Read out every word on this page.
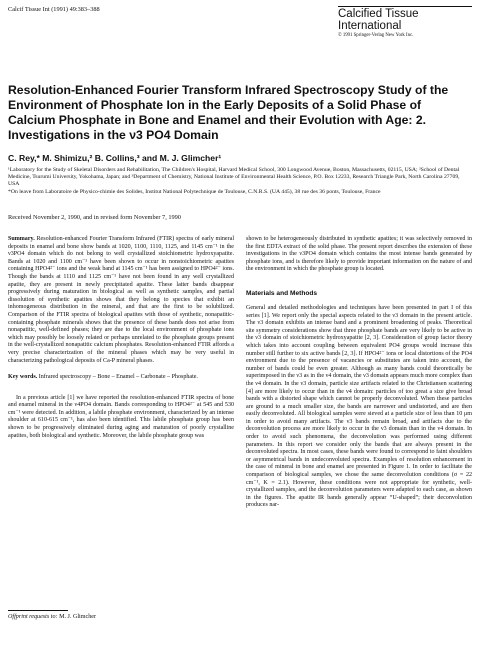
Calcif Tissue Int (1991) 49:383–388	Calcified Tissue
International
© 1991 Springer-Verlag New York Inc.
Resolution-Enhanced Fourier Transform Infrared Spectroscopy Study of the Environment of Phosphate Ion in the Early Deposits of a Solid Phase of Calcium Phosphate in Bone and Enamel and their Evolution with Age: 2. Investigations in the ν3 PO4 Domain
C. Rey,* M. Shimizu,² B. Collins,³ and M. J. Glimcher¹

¹Laboratory for the Study of Skeletal Disorders and Rehabilitation, The Children's Hospital, Harvard Medical School, 300 Longwood Avenue, Boston, Massachusetts, 02115, USA; ²School of Dental Medicine, Tsurumi University, Yokohama, Japan; and ³Department of Chemistry, National Institute of Environmental Health Science, P.O. Box 12233, Research Triangle Park, North Carolina 27709, USA

*On leave from Laboratoire de Physico-chimie des Solides, Institut National Polytechnique de Toulouse, C.N.R.S. (UA 445), 38 rue des 36 ponts, Toulouse, France

Received November 2, 1990, and in revised form November 7, 1990

Summary. Resolution-enhanced Fourier Transform Infrared (FTIR) spectra of early mineral deposits in enamel and bone show bands at 1020, 1100, 1110, 1125, and 1145 cm⁻¹ in the ν3PO4 domain which do not belong to well crystallized stoichiometric hydroxyapatite. Bands at 1020 and 1100 cm⁻¹ have been shown to occur in nonstoichiometric apatites containing HPO4²⁻ ions and the weak band at 1145 cm⁻¹ has been assigned to HPO4²⁻ ions. Though the bands at 1110 and 1125 cm⁻¹ have not been found in any well crystallized apatite, they are present in newly precipitated apatite. These latter bands disappear progressively during maturation in biological as well as synthetic samples, and partial dissolution of synthetic apatites shows that they belong to species that exhibit an inhomogeneous distribution in the mineral, and that are the first to be solubilized. Comparison of the FTIR spectra of biological apatites with those of synthetic, nonapatitic-containing phosphate minerals shows that the presence of these bands does not arise from nonapatitic, well-defined phases; they are due to the local environment of phosphate ions which may possibly be loosely related or perhaps unrelated to the phosphate groups present in the well-crystallized nonapatitic calcium phosphates. Resolution-enhanced FTIR affords a very precise characterization of the mineral phases which may be very useful in characterizing pathological deposits of Ca-P mineral phases.

Key words. Infrared spectroscopy – Bone – Enamel – Carbonate – Phosphate.

In a previous article [1] we have reported the resolution-enhanced FTIR spectra of bone and enamel mineral in the ν4PO4 domain. Bands corresponding to HPO4²⁻ at 545 and 530 cm⁻¹ were detected. In addition, a labile phosphate environment, characterized by an intense shoulder at 610-615 cm⁻¹, has also been identified. This labile phosphate group has been shown to be progressively eliminated during aging and maturation of poorly crystalline apatites, both biological and synthetic. Moreover, the labile phosphate group was

shown to be heterogeneously distributed in synthetic apatites; it was selectively removed in the first EDTA extract of the solid phase. The present report describes the extension of these investigations in the ν3PO4 domain which contains the most intense bands generated by phosphate ions, and is therefore likely to provide important information on the nature of and the environment in which the phosphate group is located.

Materials and Methods

General and detailed methodologies and techniques have been presented in part I of this series [1]. We report only the special aspects related to the ν3 domain in the present article. The ν3 domain exhibits an intense band and a prominent broadening of peaks. Theoretical site symmetry considerations show that three phosphate bands are very likely to be active in the ν3 domain of stoichiometric hydroxyapatite [2, 3]. Consideration of group factor theory which takes into account coupling between equivalent PO4 groups would increase this number still further to six active bands [2, 3]. If HPO4²⁻ ions or local distortions of the PO4 environment due to the presence of vacancies or substitutes are taken into account, the number of bands could be even greater. Although as many bands could theoretically be superimposed in the ν3 as in the ν4 domain, the ν3 domain appears much more complex than the ν4 domain. In the ν3 domain, particle size artifacts related to the Christiansen scattering [4] are more likely to occur than in the ν4 domain: particles of too great a size give broad bands with a distorted shape which cannot be properly deconvoluted. When these particles are ground to a much smaller size, the bands are narrower and undistorted, and are then easily deconvoluted. All biological samples were sieved at a particle size of less than 10 μm in order to avoid many artifacts. The ν3 bands remain broad, and artifacts due to the deconvolution process are more likely to occur in the ν3 domain than in the ν4 domain. In order to avoid such phenomena, the deconvolution was performed using different parameters. In this report we consider only the bands that are always present in the deconvoluted spectra. In most cases, these bands were found to correspond to faint shoulders or asymmetrical bands in undeconvoluted spectra. Examples of resolution enhancement in the case of mineral in bone and enamel are presented in Figure 1. In order to facilitate the comparison of biological samples, we chose the same deconvolution conditions (σ = 22 cm⁻¹, K = 2.1). However, these conditions were not appropriate for synthetic, well-crystallized samples, and the deconvolution parameters were adapted to each case, as shown in the figures. The apatite IR bands generally appear “U-shaped”; their deconvolution produces nar-

Offprint requests to: M. J. Glimcher
